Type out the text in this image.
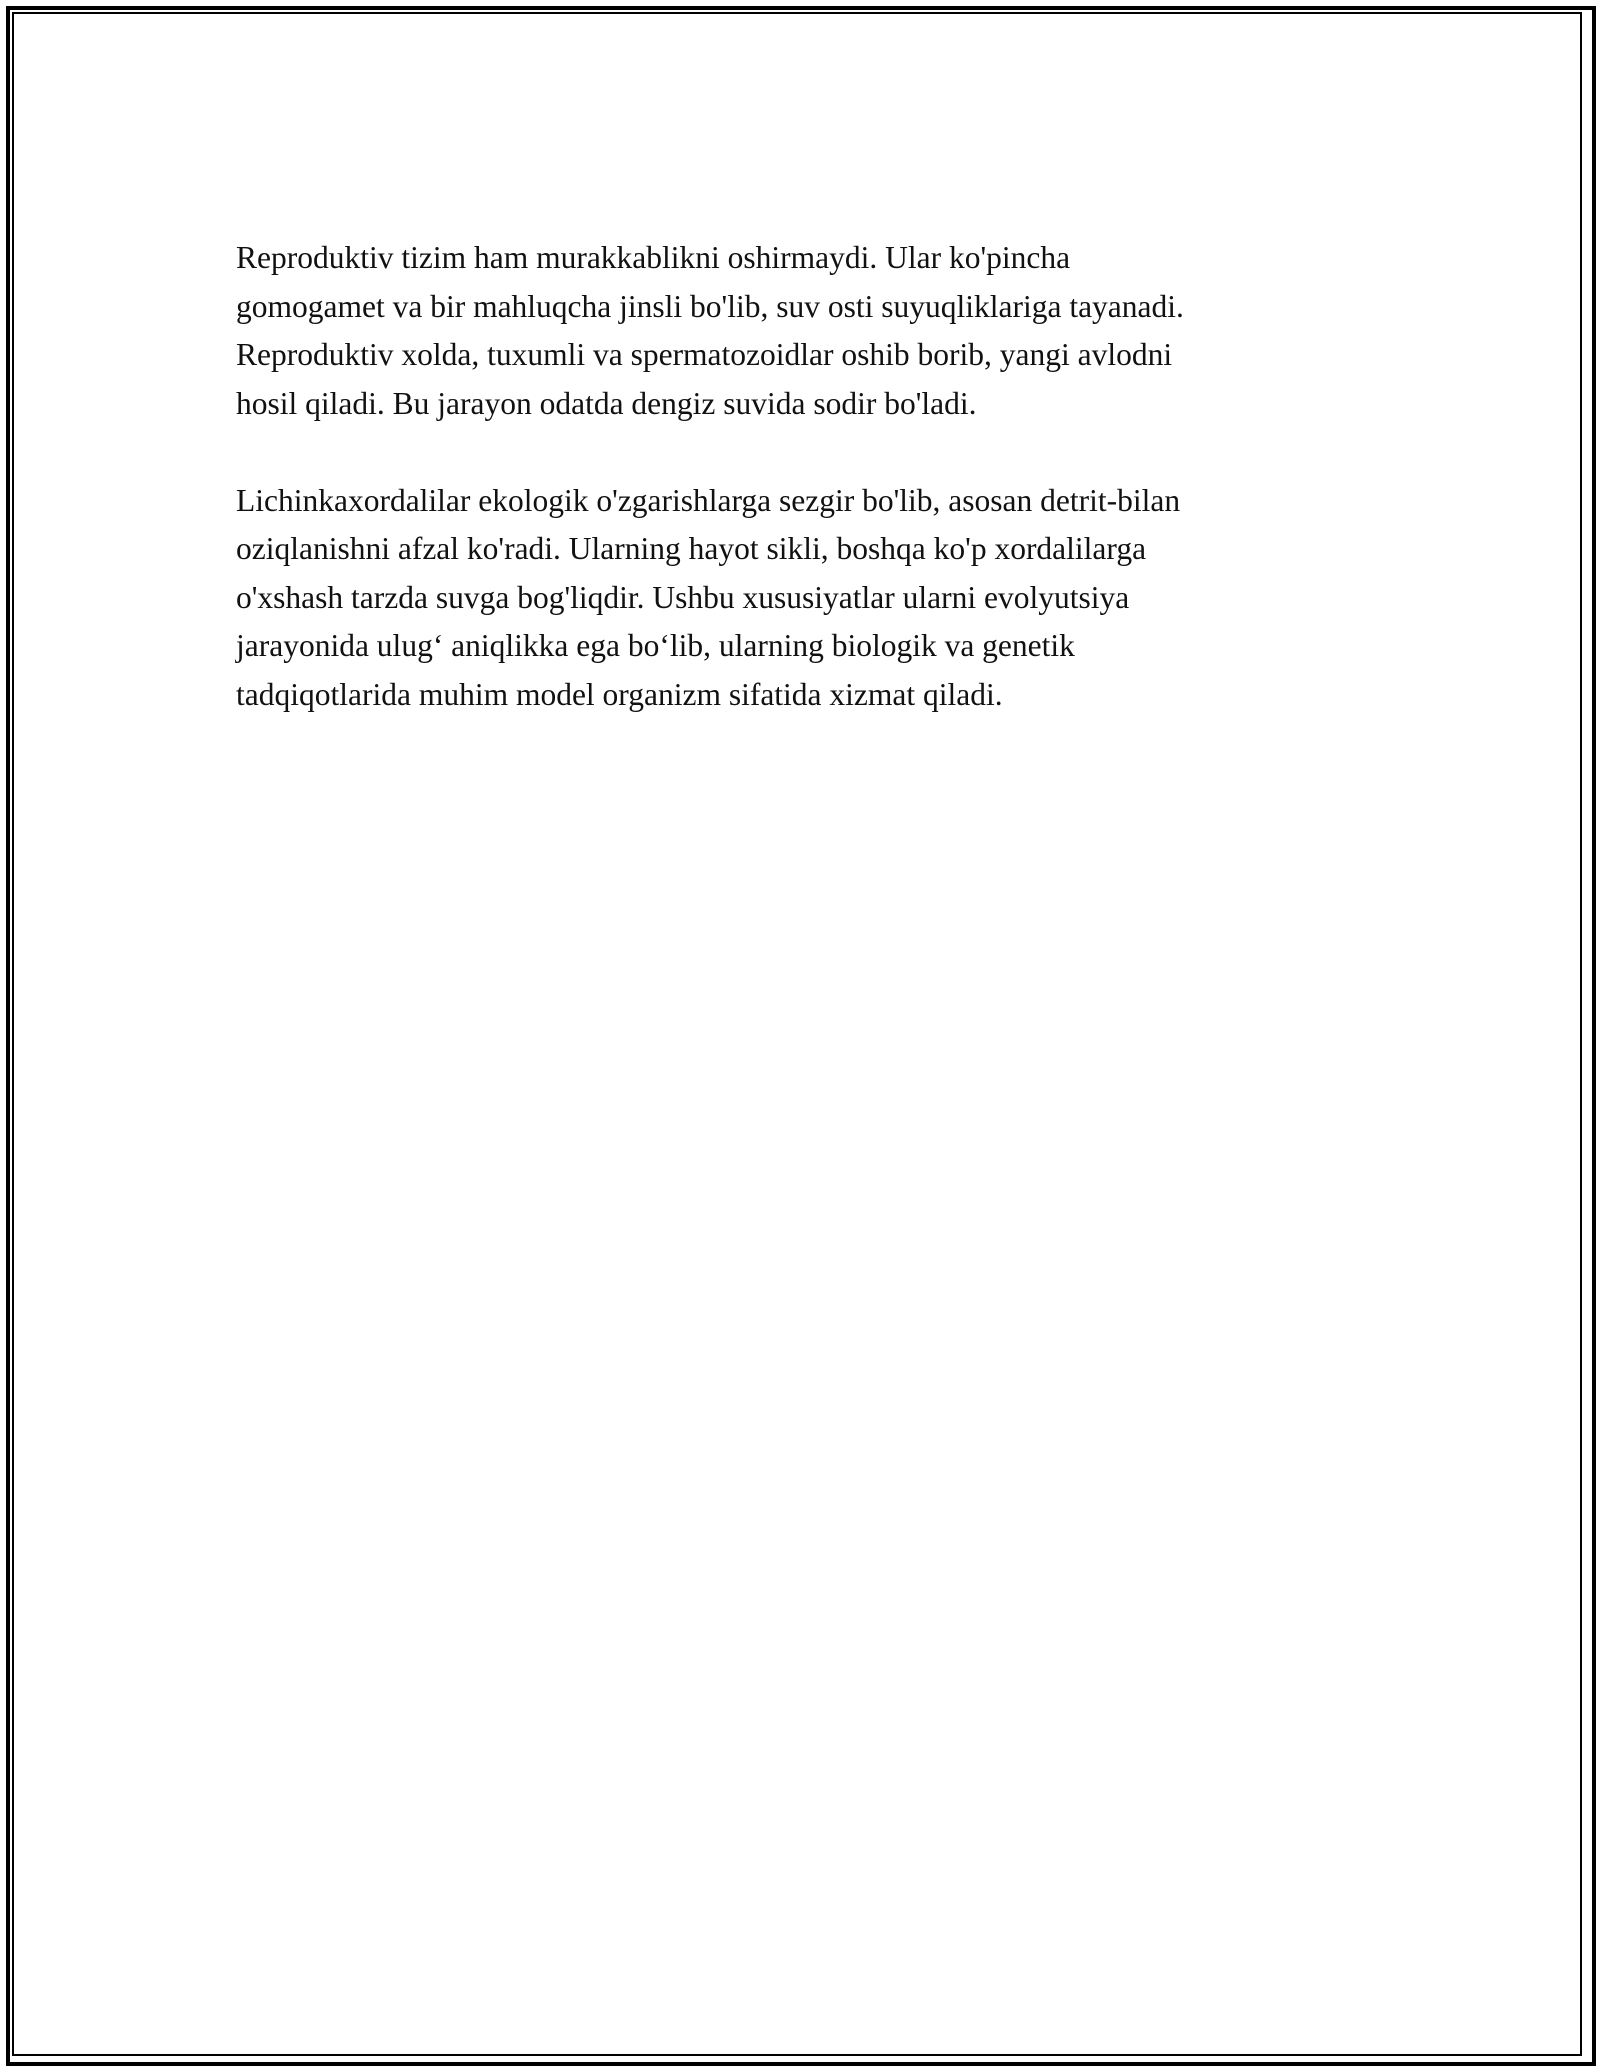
Reproduktiv tizim ham murakkablikni oshirmaydi. Ular ko'pincha
gomogamet va bir mahluqcha jinsli bo'lib, suv osti suyuqliklariga tayanadi.
Reproduktiv xolda, tuxumli va spermatozoidlar oshib borib, yangi avlodni
hosil qiladi. Bu jarayon odatda dengiz suvida sodir bo'ladi.

Lichinkaxordalilar ekologik o'zgarishlarga sezgir bo'lib, asosan detrit-bilan
oziqlanishni afzal ko'radi. Ularning hayot sikli, boshqa ko'p xordalilarga
o'xshash tarzda suvga bog'liqdir. Ushbu xususiyatlar ularni evolyutsiya
jarayonida ulug‘ aniqlikka ega bo‘lib, ularning biologik va genetik
tadqiqotlarida muhim model organizm sifatida xizmat qiladi.
